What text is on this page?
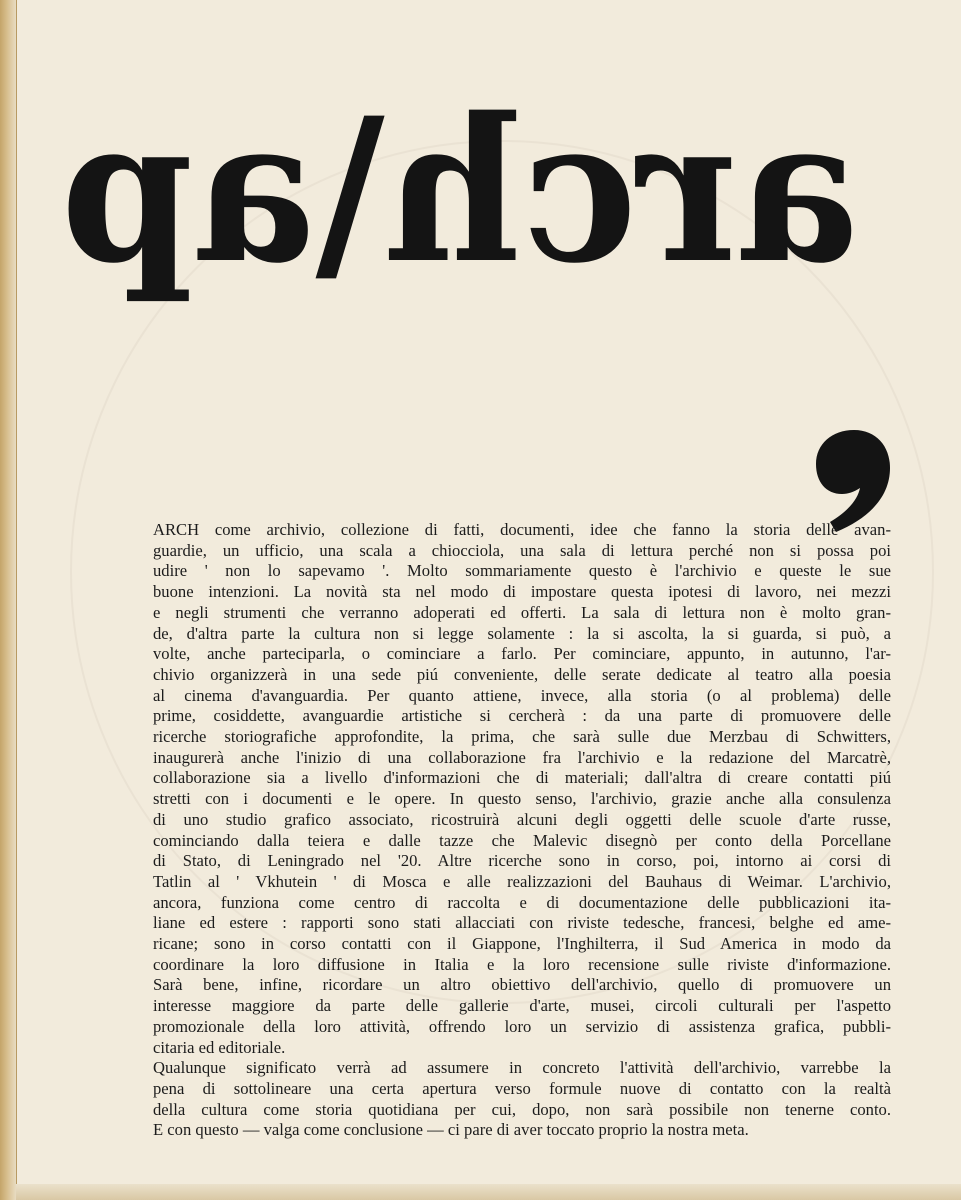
arch\ap

ARCH come archivio, collezione di fatti, documenti, idee che fanno la storia delle avan-
guardie, un ufficio, una scala a chiocciola, una sala di lettura perché non si possa poi
udire ' non lo sapevamo '. Molto sommariamente questo è l'archivio e queste le sue
buone intenzioni. La novità sta nel modo di impostare questa ipotesi di lavoro, nei mezzi
e negli strumenti che verranno adoperati ed offerti. La sala di lettura non è molto gran-
de, d'altra parte la cultura non si legge solamente : la si ascolta, la si guarda, si può, a
volte, anche parteciparla, o cominciare a farlo. Per cominciare, appunto, in autunno, l'ar-
chivio organizzerà in una sede piú conveniente, delle serate dedicate al teatro alla poesia
al cinema d'avanguardia. Per quanto attiene, invece, alla storia (o al problema) delle
prime, cosiddette, avanguardie artistiche si cercherà : da una parte di promuovere delle
ricerche storiografiche approfondite, la prima, che sarà sulle due Merzbau di Schwitters,
inaugurerà anche l'inizio di una collaborazione fra l'archivio e la redazione del Marcatrè,
collaborazione sia a livello d'informazioni che di materiali; dall'altra di creare contatti piú
stretti con i documenti e le opere. In questo senso, l'archivio, grazie anche alla consulenza
di uno studio grafico associato, ricostruirà alcuni degli oggetti delle scuole d'arte russe,
cominciando dalla teiera e dalle tazze che Malevic disegnò per conto della Porcellane
di Stato, di Leningrado nel '20. Altre ricerche sono in corso, poi, intorno ai corsi di
Tatlin al ' Vkhutein ' di Mosca e alle realizzazioni del Bauhaus di Weimar. L'archivio,
ancora, funziona come centro di raccolta e di documentazione delle pubblicazioni ita-
liane ed estere : rapporti sono stati allacciati con riviste tedesche, francesi, belghe ed ame-
ricane; sono in corso contatti con il Giappone, l'Inghilterra, il Sud America in modo da
coordinare la loro diffusione in Italia e la loro recensione sulle riviste d'informazione.
Sarà bene, infine, ricordare un altro obiettivo dell'archivio, quello di promuovere un
interesse maggiore da parte delle gallerie d'arte, musei, circoli culturali per l'aspetto
promozionale della loro attività, offrendo loro un servizio di assistenza grafica, pubbli-
citaria ed editoriale.

Qualunque significato verrà ad assumere in concreto l'attività dell'archivio, varrebbe la
pena di sottolineare una certa apertura verso formule nuove di contatto con la realtà
della cultura come storia quotidiana per cui, dopo, non sarà possibile non tenerne conto.
E con questo — valga come conclusione — ci pare di aver toccato proprio la nostra meta.
